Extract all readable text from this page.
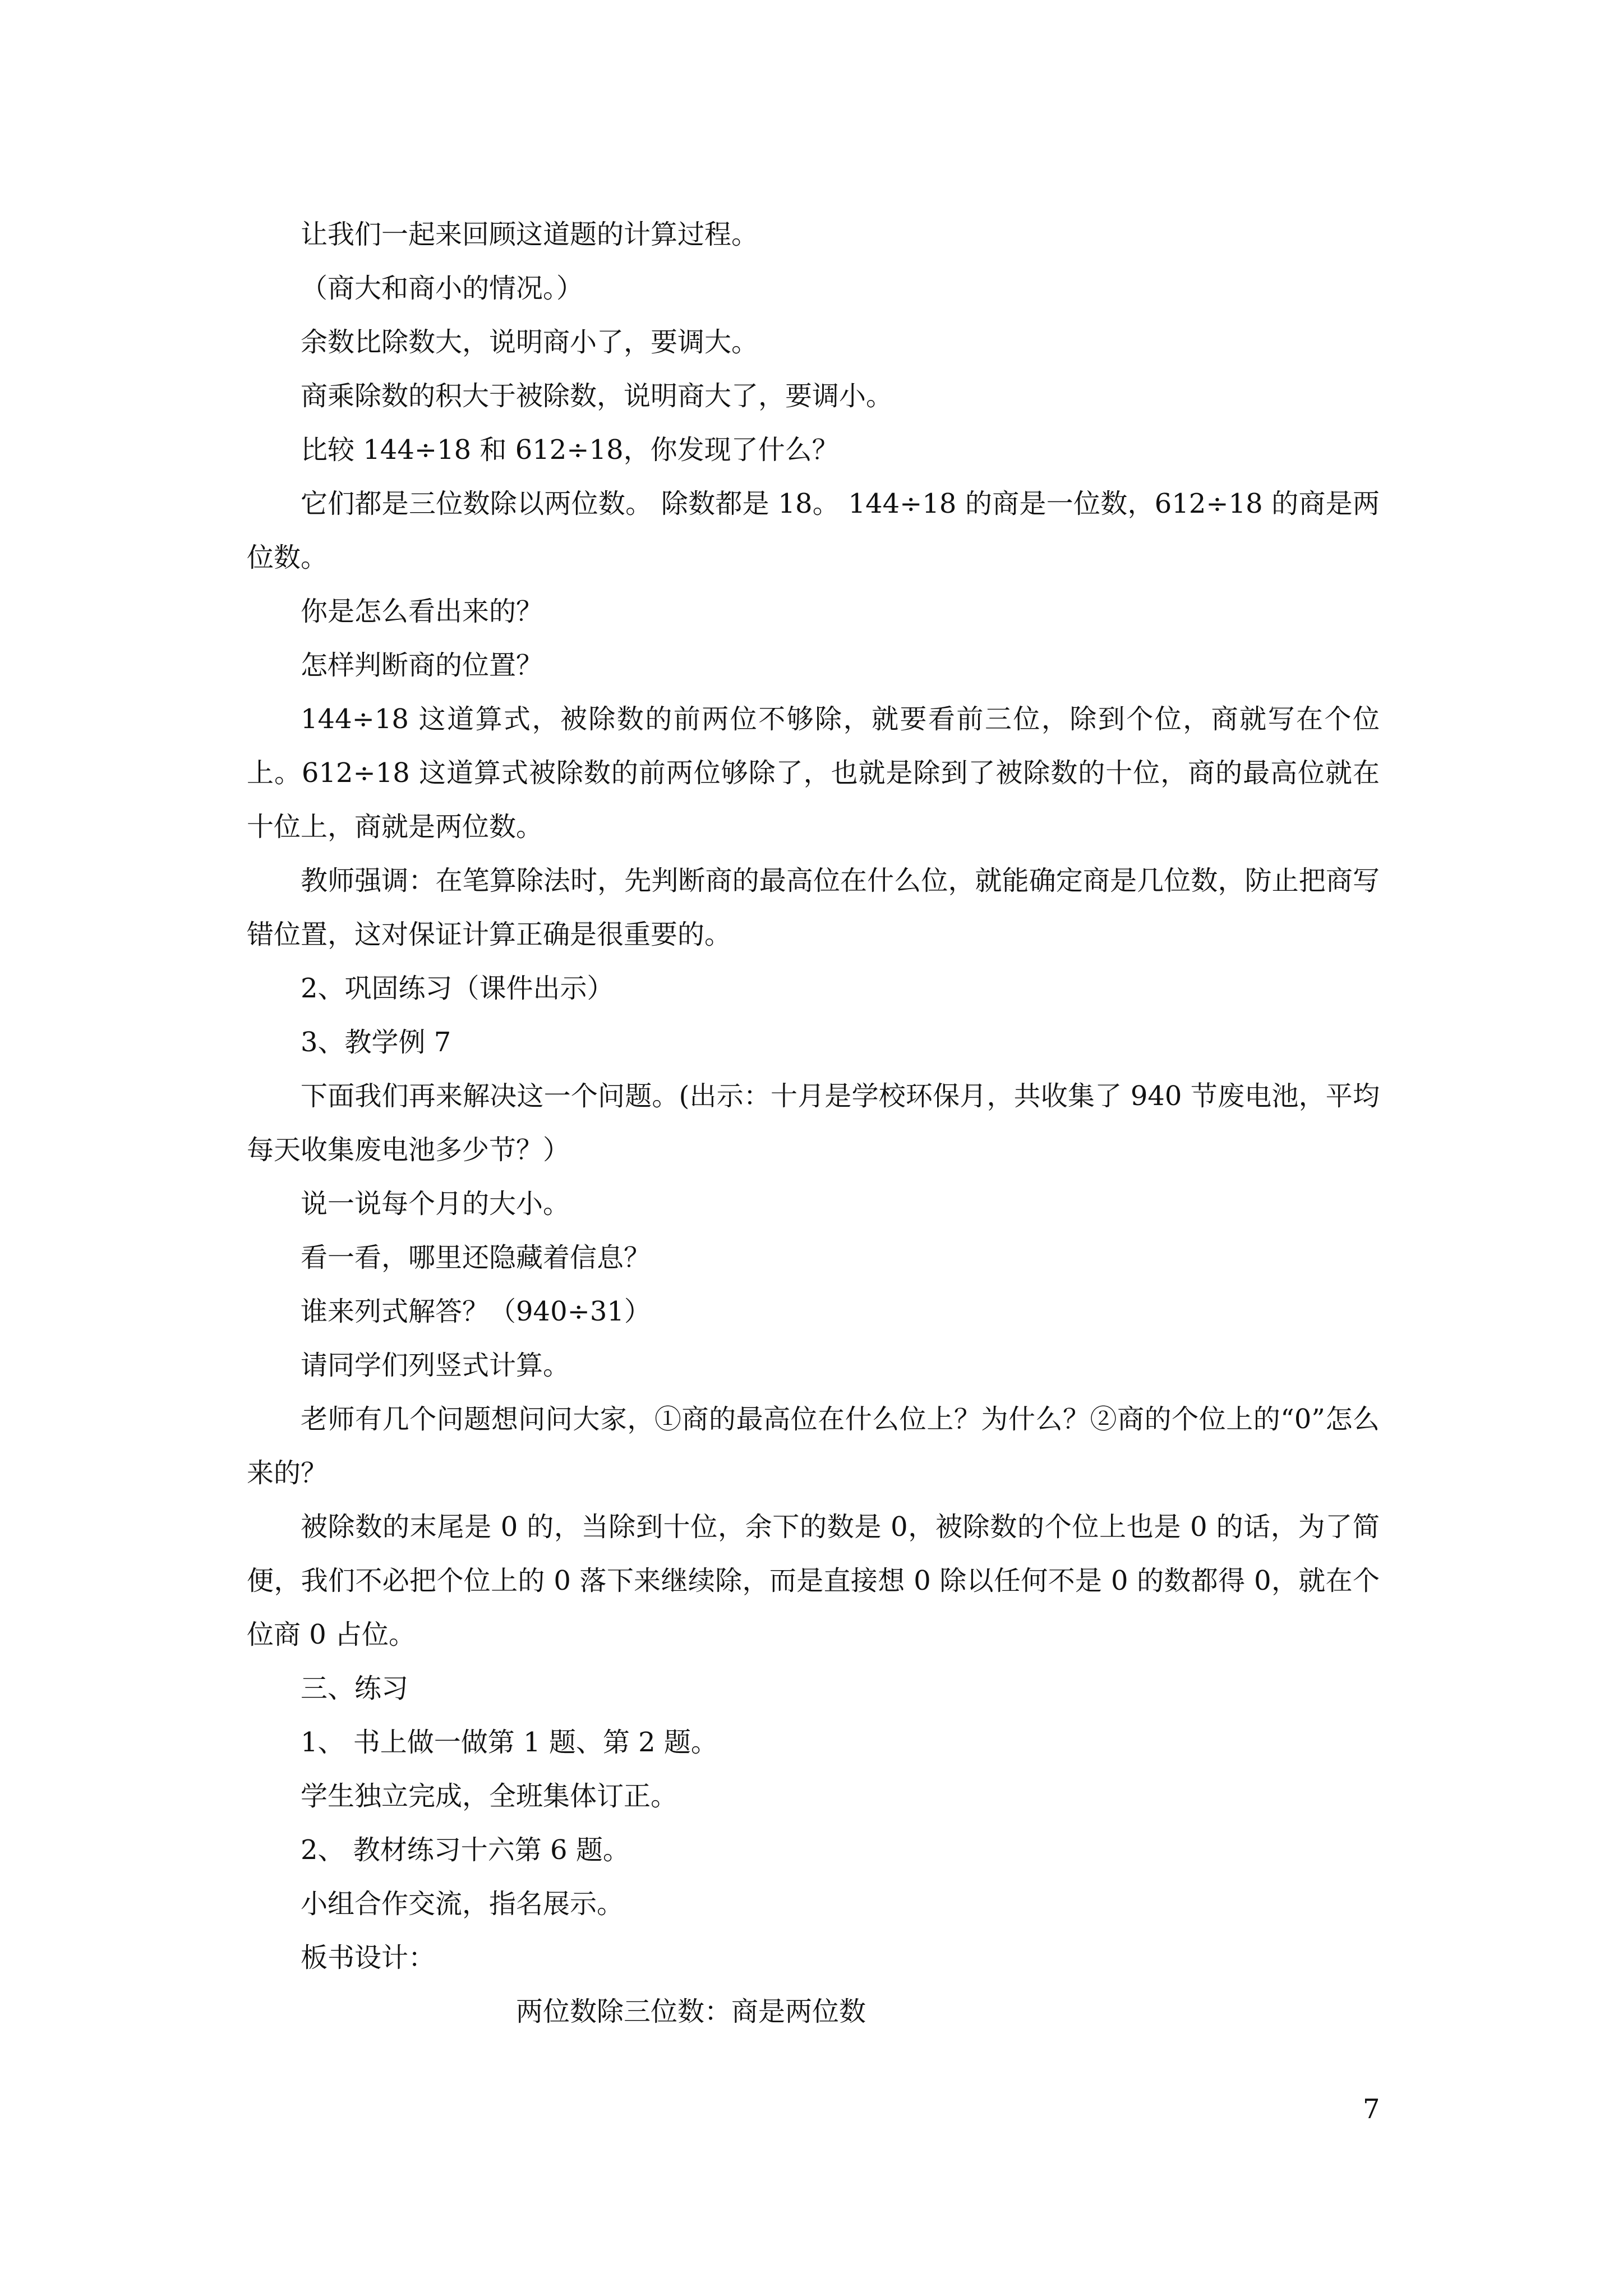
让我们一起来回顾这道题的计算过程。

（商大和商小的情况。）

余数比除数大，说明商小了，要调大。

商乘除数的积大于被除数，说明商大了，要调小。

比较 144÷18 和 612÷18，你发现了什么？

它们都是三位数除以两位数。 除数都是 18。 144÷18 的商是一位数，612÷18 的商是两位数。

你是怎么看出来的？

怎样判断商的位置？

144÷18 这道算式，被除数的前两位不够除，就要看前三位，除到个位，商就写在个位上。612÷18 这道算式被除数的前两位够除了，也就是除到了被除数的十位，商的最高位就在十位上，商就是两位数。

教师强调：在笔算除法时，先判断商的最高位在什么位，就能确定商是几位数，防止把商写错位置，这对保证计算正确是很重要的。

2、巩固练习（课件出示）

3、教学例 7

下面我们再来解决这一个问题。(出示：十月是学校环保月，共收集了 940 节废电池，平均每天收集废电池多少节？）

说一说每个月的大小。

看一看，哪里还隐藏着信息？

谁来列式解答？（940÷31）

请同学们列竖式计算。

老师有几个问题想问问大家，①商的最高位在什么位上？为什么？②商的个位上的“0”怎么来的？

被除数的末尾是 0 的，当除到十位，余下的数是 0，被除数的个位上也是 0 的话，为了简便，我们不必把个位上的 0 落下来继续除，而是直接想 0 除以任何不是 0 的数都得 0，就在个位商 0 占位。

三、练习

1、 书上做一做第 1 题、第 2 题。

学生独立完成，全班集体订正。

2、 教材练习十六第 6 题。

小组合作交流，指名展示。

板书设计：

两位数除三位数：商是两位数

7
